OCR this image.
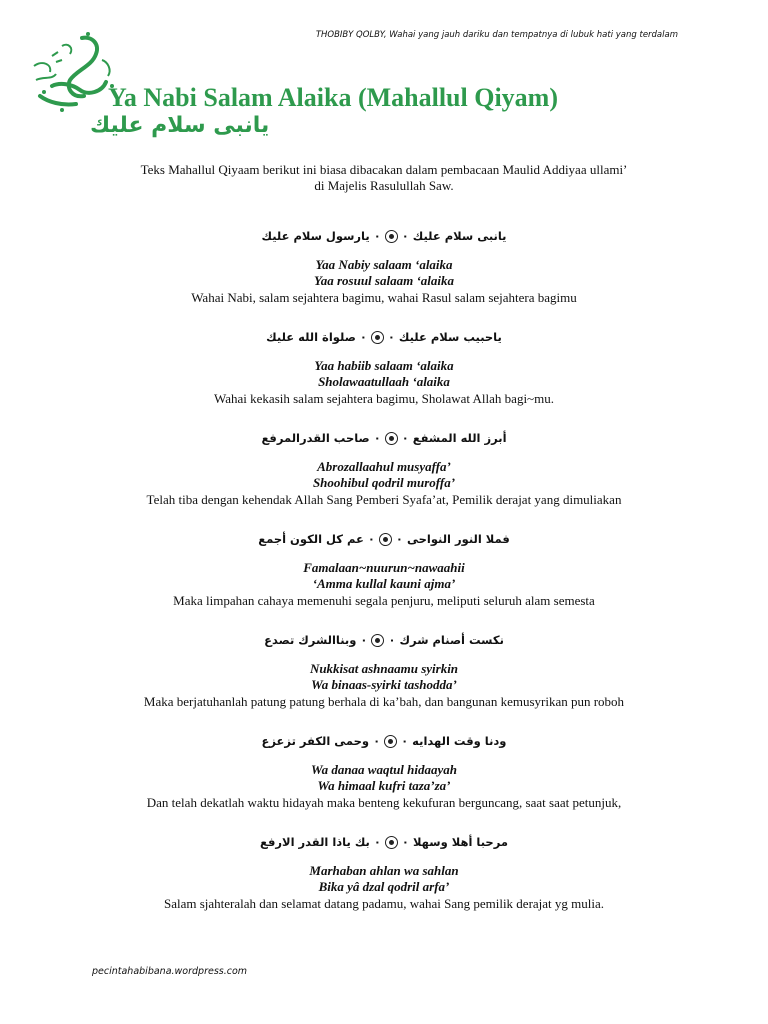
THOBIBY QOLBY, Wahai yang jauh dariku dan tempatnya di lubuk hati yang terdalam
Ya Nabi Salam Alaika (Mahallul Qiyam)
يانبى سلام عليك
Teks Mahallul Qiyaam berikut ini biasa dibacakan dalam pembacaan Maulid Addiyaa ullami’
di Majelis Rasulullah Saw.
يانبى سلام عليك ٠٠ يارسول سلام عليك
Yaa Nabiy salaam ‘alaika
Yaa rosuul salaam ‘alaika
Wahai Nabi, salam sejahtera bagimu, wahai Rasul salam sejahtera bagimu
ياحبيب سلام عليك ٠٠ صلواة الله عليك
Yaa habiib salaam ‘alaika
Sholawaatullaah ‘alaika
Wahai kekasih salam sejahtera bagimu, Sholawat Allah bagi~mu.
أبرز الله المشفع ٠٠ صاحب القدرالمرفع
Abrozallaahul musyaffa’
Shoohibul qodril muroffa’
Telah tiba dengan kehendak Allah Sang Pemberi Syafa’at, Pemilik derajat yang dimuliakan
فملا النور النواحى ٠٠ عم كل الكون أجمع
Famalaan~nuurun~nawaahii
‘Amma kullal kauni ajma’
Maka limpahan cahaya memenuhi segala penjuru, meliputi seluruh alam semesta
نكست أصنام شرك ٠٠ وبناالشرك تصدع
Nukkisat ashnaamu syirkin
Wa binaas-syirki tashodda’
Maka berjatuhanlah patung patung berhala di ka’bah, dan bangunan kemusyrikan pun roboh
ودنا وقت الهدايه ٠٠ وحمى الكفر تزعزع
Wa danaa waqtul hidaayah
Wa himaal kufri taza’za’
Dan telah dekatlah waktu hidayah maka benteng kekufuran berguncang, saat saat petunjuk,
مرحبا أهلا وسهلا ٠٠ بك ياذا القدر الارفع
Marhaban ahlan wa sahlan
Bika yâ dzal qodril arfa’
Salam sjahteralah dan selamat datang padamu, wahai Sang pemilik derajat yg mulia.
pecintahabibana.wordpress.com
